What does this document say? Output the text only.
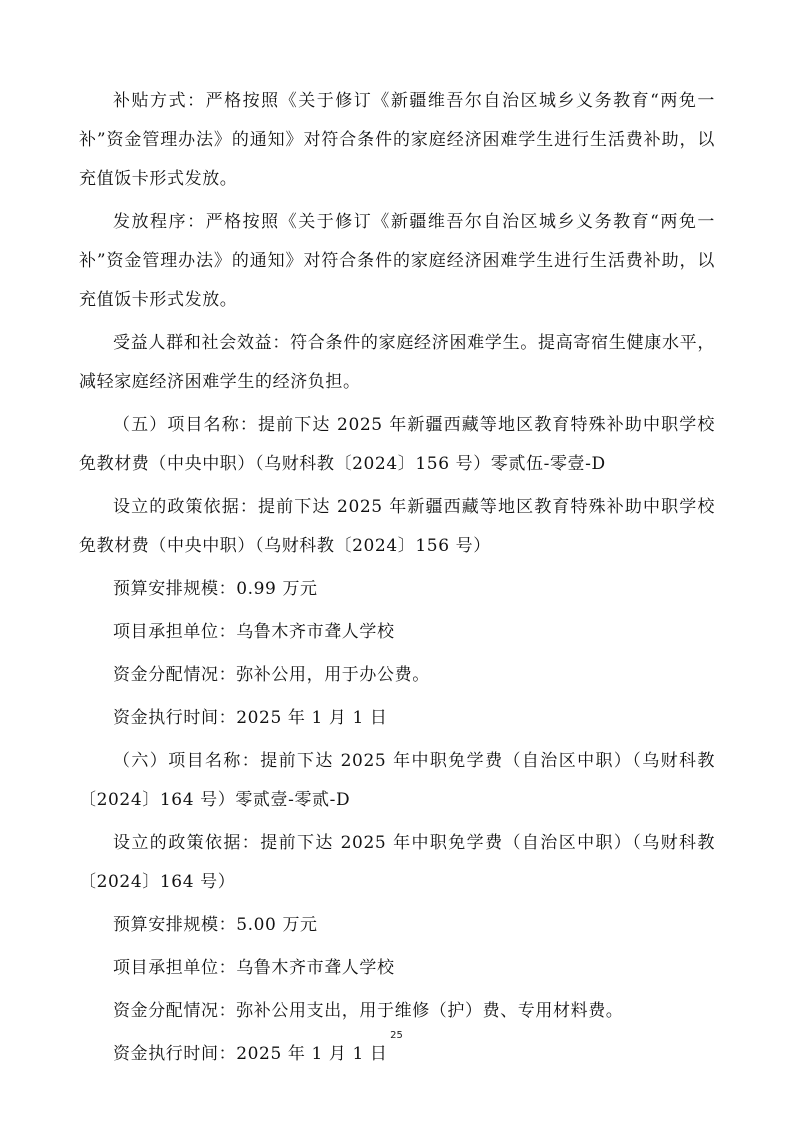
补贴方式：严格按照《关于修订《新疆维吾尔自治区城乡义务教育“两免一补”资金管理办法》的通知》对符合条件的家庭经济困难学生进行生活费补助，以充值饭卡形式发放。

发放程序：严格按照《关于修订《新疆维吾尔自治区城乡义务教育“两免一补”资金管理办法》的通知》对符合条件的家庭经济困难学生进行生活费补助，以充值饭卡形式发放。

受益人群和社会效益：符合条件的家庭经济困难学生。提高寄宿生健康水平，减轻家庭经济困难学生的经济负担。

（五）项目名称：提前下达 2025 年新疆西藏等地区教育特殊补助中职学校免教材费（中央中职）（乌财科教〔2024〕156 号）零贰伍-零壹-D

设立的政策依据：提前下达 2025 年新疆西藏等地区教育特殊补助中职学校免教材费（中央中职）（乌财科教〔2024〕156 号）

预算安排规模：0.99 万元

项目承担单位：乌鲁木齐市聋人学校

资金分配情况：弥补公用，用于办公费。

资金执行时间：2025 年 1 月 1 日

（六）项目名称：提前下达 2025 年中职免学费（自治区中职）（乌财科教〔2024〕164 号）零贰壹-零贰-D

设立的政策依据：提前下达 2025 年中职免学费（自治区中职）（乌财科教〔2024〕164 号）

预算安排规模：5.00 万元

项目承担单位：乌鲁木齐市聋人学校

资金分配情况：弥补公用支出，用于维修（护）费、专用材料费。

资金执行时间：2025 年 1 月 1 日

25
